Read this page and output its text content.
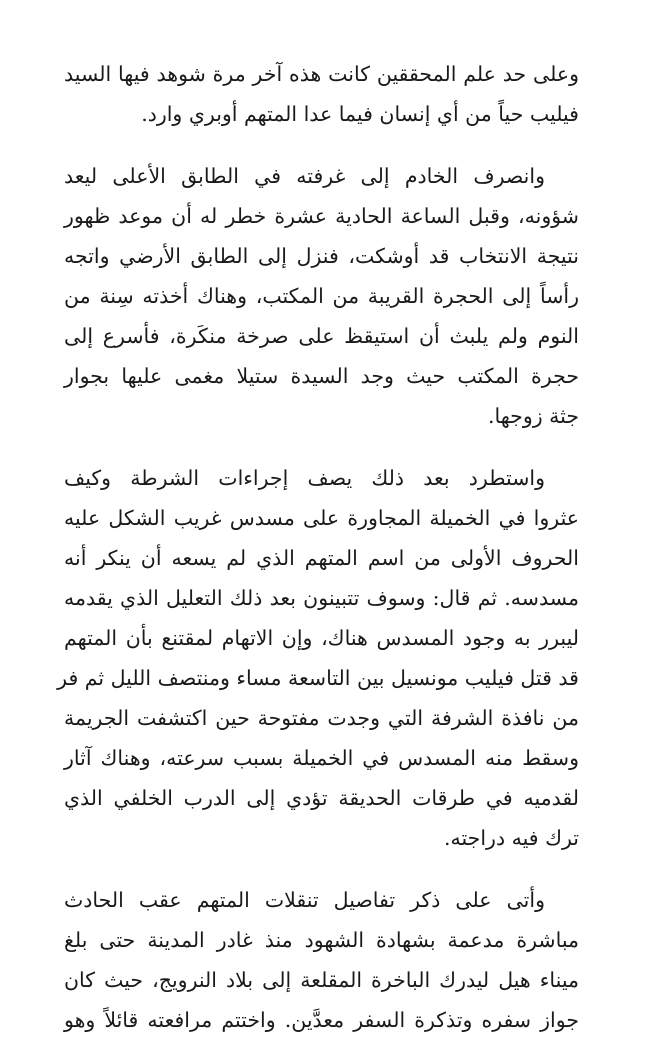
وعلى حد علم المحققين كانت هذه آخر مرة شوهد فيها السيد
فيليب حياً من أي إنسان فيما عدا المتهم أوبري وارد.
وانصرف الخادم إلى غرفته في الطابق الأعلى ليعد
شؤونه، وقبل الساعة الحادية عشرة خطر له أن موعد ظهور
نتيجة الانتخاب قد أوشكت، فنزل إلى الطابق الأرضي واتجه
رأساً إلى الحجرة القريبة من المكتب، وهناك أخذته سِنة من
النوم ولم يلبث أن استيقظ على صرخة منكَرة، فأسرع إلى
حجرة المكتب حيث وجد السيدة ستيلا مغمى عليها بجوار
جثة زوجها.
واستطرد بعد ذلك يصف إجراءات الشرطة وكيف
عثروا في الخميلة المجاورة على مسدس غريب الشكل عليه
الحروف الأولى من اسم المتهم الذي لم يسعه أن ينكر أنه
مسدسه. ثم قال: وسوف تتبينون بعد ذلك التعليل الذي يقدمه
ليبرر به وجود المسدس هناك، وإن الاتهام لمقتنع بأن المتهم
قد قتل فيليب مونسيل بين التاسعة مساء ومنتصف الليل ثم فر
من نافذة الشرفة التي وجدت مفتوحة حين اكتشفت الجريمة
وسقط منه المسدس في الخميلة بسبب سرعته، وهناك آثار
لقدميه في طرقات الحديقة تؤدي إلى الدرب الخلفي الذي
ترك فيه دراجته.
وأتى على ذكر تفاصيل تنقلات المتهم عقب الحادث
مباشرة مدعمة بشهادة الشهود منذ غادر المدينة حتى بلغ
ميناء هيل ليدرك الباخرة المقلعة إلى بلاد النرويج، حيث كان
جواز سفره وتذكرة السفر معدَّين. واختتم مرافعته قائلاً وهو
